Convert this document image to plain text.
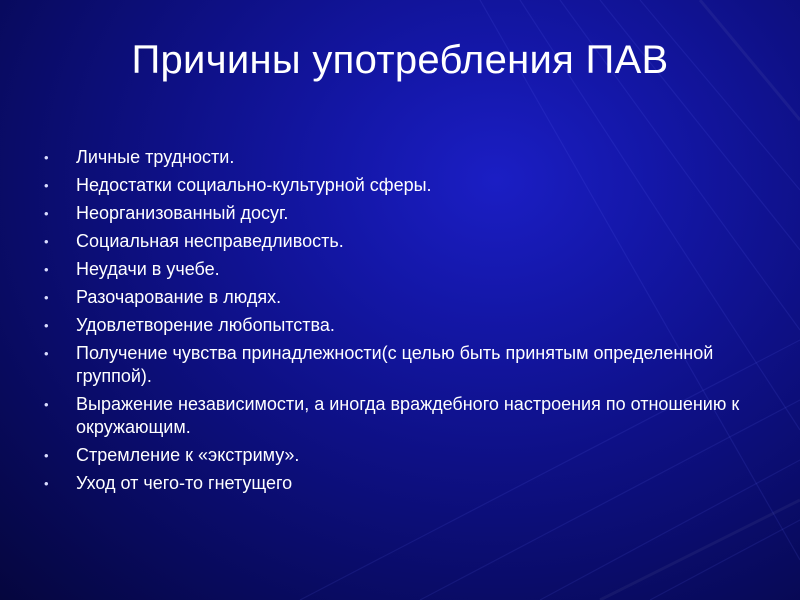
Причины употребления ПАВ
• Личные трудности.
• Недостатки социально-культурной сферы.
• Неорганизованный досуг.
• Социальная несправедливость.
• Неудачи в учебе.
• Разочарование в людях.
• Удовлетворение любопытства.
• Получение чувства принадлежности(с целью быть принятым определенной группой).
• Выражение независимости, а иногда враждебного настроения по отношению к окружающим.
• Стремление к «экстриму».
• Уход от чего-то гнетущего
